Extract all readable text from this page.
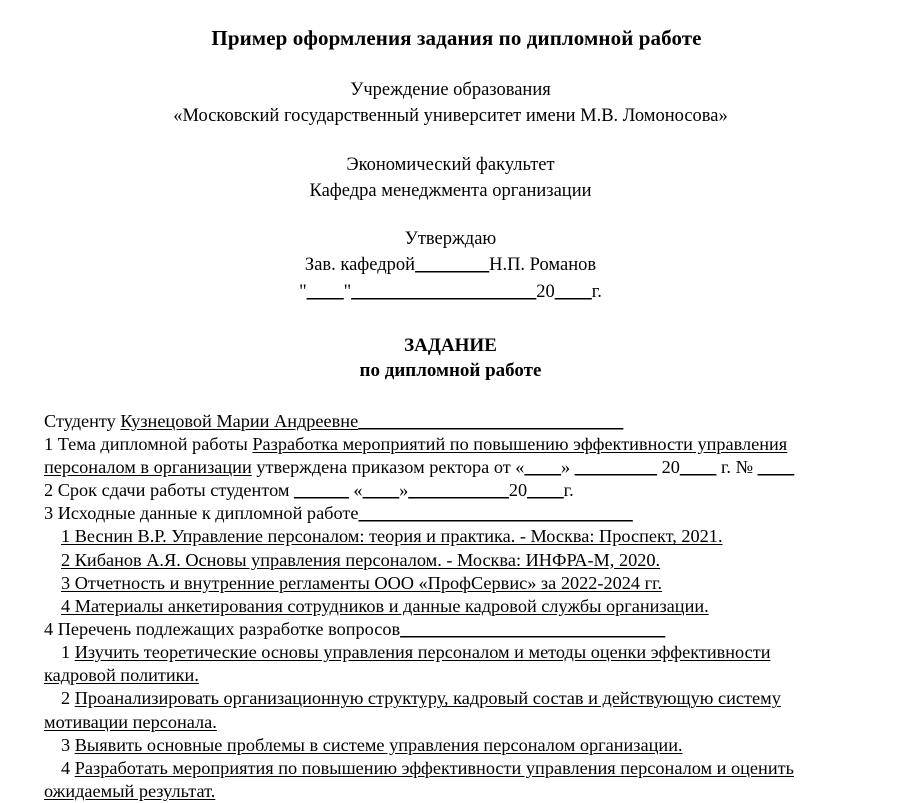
Пример оформления задания по дипломной работе
Учреждение образования
«Московский государственный университет имени М.В. Ломоносова»
Экономический факультет
Кафедра менеджмента организации
Утверждаю
Зав. кафедрой________Н.П. Романов
"____"____________________20____г.
ЗАДАНИЕ
по дипломной работе
Студенту Кузнецовой Марии Андреевне_____________________________
1 Тема дипломной работы Разработка мероприятий по повышению эффективности управления
персоналом в организации утверждена приказом ректора от «____» _________ 20____ г. № ____
2 Срок сдачи работы студентом ______ «____»___________20____г.
3 Исходные данные к дипломной работе______________________________
1 Веснин В.Р. Управление персоналом: теория и практика. - Москва: Проспект, 2021.
2 Кибанов А.Я. Основы управления персоналом. - Москва: ИНФРА-М, 2020.
3 Отчетность и внутренние регламенты ООО «ПрофСервис» за 2022-2024 гг.
4 Материалы анкетирования сотрудников и данные кадровой службы организации.
4 Перечень подлежащих разработке вопросов_____________________________
1 Изучить теоретические основы управления персоналом и методы оценки эффективности
кадровой политики.
2 Проанализировать организационную структуру, кадровый состав и действующую систему
мотивации персонала.
3 Выявить основные проблемы в системе управления персоналом организации.
4 Разработать мероприятия по повышению эффективности управления персоналом и оценить
ожидаемый результат.
